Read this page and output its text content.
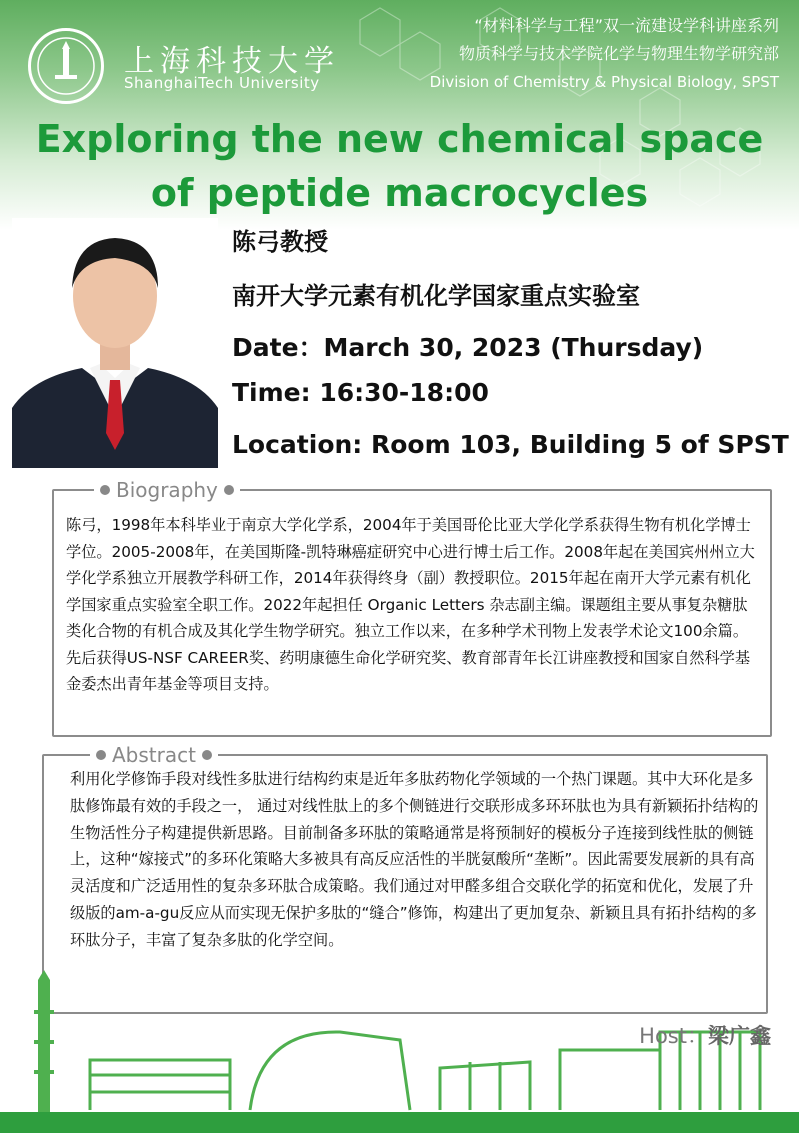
上海科技大学
ShanghaiTech University
“材料科学与工程”双一流建设学科讲座系列
物质科学与技术学院化学与物理生物学研究部
Division of Chemistry & Physical Biology, SPST
Exploring the new chemical space
of peptide macrocycles
陈弓教授
南开大学元素有机化学国家重点实验室
Date：March 30, 2023 (Thursday)
Time: 16:30-18:00
Location: Room 103, Building 5 of SPST
Biography
陈弓，1998年本科毕业于南京大学化学系，2004年于美国哥伦比亚大学化学系获得生物有机化学博士学位。2005-2008年，在美国斯隆-凯特琳癌症研究中心进行博士后工作。2008年起在美国宾州州立大学化学系独立开展教学科研工作，2014年获得终身（副）教授职位。2015年起在南开大学元素有机化学国家重点实验室全职工作。2022年起担任 Organic Letters 杂志副主编。课题组主要从事复杂糖肽类化合物的有机合成及其化学生物学研究。独立工作以来，在多种学术刊物上发表学术论文100余篇。先后获得US-NSF CAREER奖、药明康德生命化学研究奖、教育部青年长江讲座教授和国家自然科学基金委杰出青年基金等项目支持。
Abstract
利用化学修饰手段对线性多肽进行结构约束是近年多肽药物化学领域的一个热门课题。其中大环化是多肽修饰最有效的手段之一， 通过对线性肽上的多个侧链进行交联形成多环环肽也为具有新颖拓扑结构的生物活性分子构建提供新思路。目前制备多环肽的策略通常是将预制好的模板分子连接到线性肽的侧链上，这种“嫁接式”的多环化策略大多被具有高反应活性的半胱氨酸所“垄断”。因此需要发展新的具有高灵活度和广泛适用性的复杂多环肽合成策略。我们通过对甲醛多组合交联化学的拓宽和优化，发展了升级版的am-a-gu反应从而实现无保护多肽的“缝合”修饰，构建出了更加复杂、新颖且具有拓扑结构的多环肽分子，丰富了复杂多肽的化学空间。
Host：梁广鑫
